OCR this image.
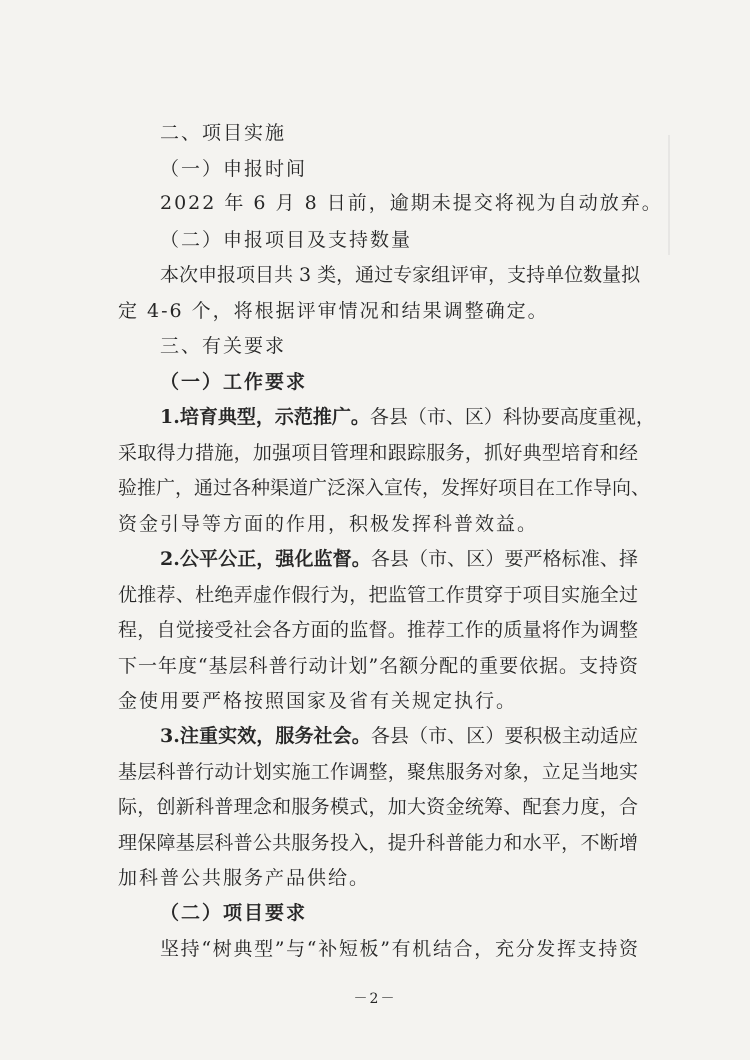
二、项目实施
（一）申报时间
2022 年 6 月 8 日前，逾期未提交将视为自动放弃。
（二）申报项目及支持数量
本次申报项目共 3 类，通过专家组评审，支持单位数量拟
定 4-6 个，将根据评审情况和结果调整确定。
三、有关要求
（一）工作要求
1.培育典型，示范推广。各县（市、区）科协要高度重视，
采取得力措施，加强项目管理和跟踪服务，抓好典型培育和经
验推广，通过各种渠道广泛深入宣传，发挥好项目在工作导向、
资金引导等方面的作用，积极发挥科普效益。
2.公平公正，强化监督。各县（市、区）要严格标准、择
优推荐、杜绝弄虚作假行为，把监管工作贯穿于项目实施全过
程，自觉接受社会各方面的监督。推荐工作的质量将作为调整
下一年度“基层科普行动计划”名额分配的重要依据。支持资
金使用要严格按照国家及省有关规定执行。
3.注重实效，服务社会。各县（市、区）要积极主动适应
基层科普行动计划实施工作调整，聚焦服务对象，立足当地实
际，创新科普理念和服务模式，加大资金统筹、配套力度，合
理保障基层科普公共服务投入，提升科普能力和水平，不断增
加科普公共服务产品供给。
（二）项目要求
坚持“树典型”与“补短板”有机结合，充分发挥支持资
－2－
